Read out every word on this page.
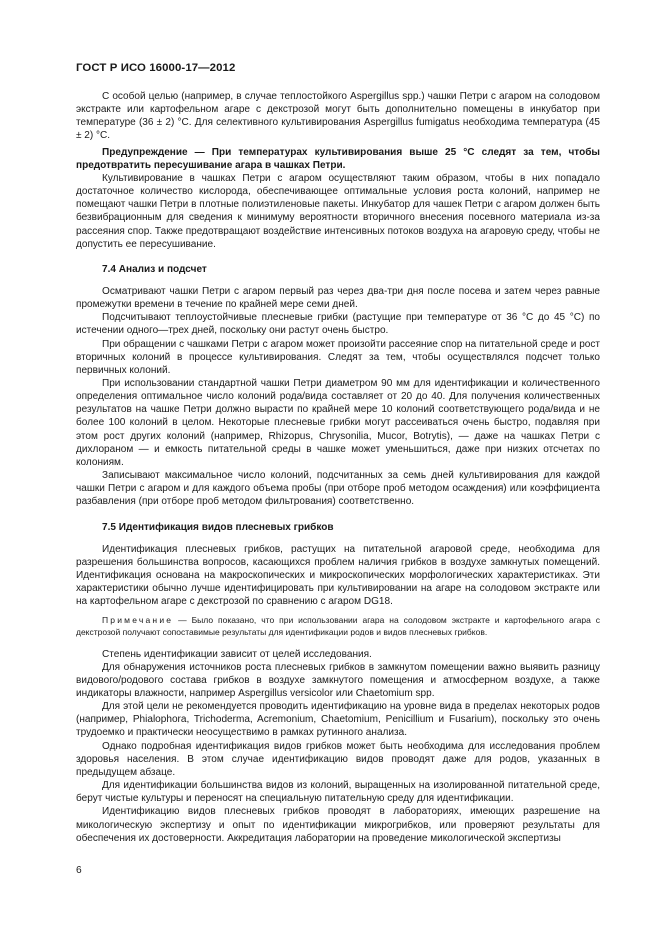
ГОСТ Р ИСО 16000-17—2012

С особой целью (например, в случае теплостойкого Aspergillus spp.) чашки Петри с агаром на солодовом экстракте или картофельном агаре с декстрозой могут быть дополнительно помещены в инкубатор при температуре (36 ± 2) °С. Для селективного культивирования Aspergillus fumigatus необходима температура (45 ± 2) °С.

Предупреждение — При температурах культивирования выше 25 °С следят за тем, чтобы предотвратить пересушивание агара в чашках Петри.

Культивирование в чашках Петри с агаром осуществляют таким образом, чтобы в них попадало достаточное количество кислорода, обеспечивающее оптимальные условия роста колоний, например не помещают чашки Петри в плотные полиэтиленовые пакеты. Инкубатор для чашек Петри с агаром должен быть безвибрационным для сведения к минимуму вероятности вторичного внесения посевного материала из-за рассеяния спор. Также предотвращают воздействие интенсивных потоков воздуха на агаровую среду, чтобы не допустить ее пересушивание.

7.4 Анализ и подсчет

Осматривают чашки Петри с агаром первый раз через два-три дня после посева и затем через равные промежутки времени в течение по крайней мере семи дней.

Подсчитывают теплоустойчивые плесневые грибки (растущие при температуре от 36 °С до 45 °С) по истечении одного—трех дней, поскольку они растут очень быстро.

При обращении с чашками Петри с агаром может произойти рассеяние спор на питательной среде и рост вторичных колоний в процессе культивирования. Следят за тем, чтобы осуществлялся подсчет только первичных колоний.

При использовании стандартной чашки Петри диаметром 90 мм для идентификации и количественного определения оптимальное число колоний рода/вида составляет от 20 до 40. Для получения количественных результатов на чашке Петри должно вырасти по крайней мере 10 колоний соответствующего рода/вида и не более 100 колоний в целом. Некоторые плесневые грибки могут рассеиваться очень быстро, подавляя при этом рост других колоний (например, Rhizopus, Chrysonilia, Mucor, Botrytis), — даже на чашках Петри с дихлораном — и емкость питательной среды в чашке может уменьшиться, даже при низких отсчетах по колониям.

Записывают максимальное число колоний, подсчитанных за семь дней культивирования для каждой чашки Петри с агаром и для каждого объема пробы (при отборе проб методом осаждения) или коэффициента разбавления (при отборе проб методом фильтрования) соответственно.

7.5 Идентификация видов плесневых грибков

Идентификация плесневых грибков, растущих на питательной агаровой среде, необходима для разрешения большинства вопросов, касающихся проблем наличия грибков в воздухе замкнутых помещений. Идентификация основана на макроскопических и микроскопических морфологических характеристиках. Эти характеристики обычно лучше идентифицировать при культивировании на агаре на солодовом экстракте или на картофельном агаре с декстрозой по сравнению с агаром DG18.

Примечание — Было показано, что при использовании агара на солодовом экстракте и картофельного агара с декстрозой получают сопоставимые результаты для идентификации родов и видов плесневых грибков.

Степень идентификации зависит от целей исследования.

Для обнаружения источников роста плесневых грибков в замкнутом помещении важно выявить разницу видового/родового состава грибков в воздухе замкнутого помещения и атмосферном воздухе, а также индикаторы влажности, например Aspergillus versicolor или Chaetomium spp.

Для этой цели не рекомендуется проводить идентификацию на уровне вида в пределах некоторых родов (например, Phialophora, Trichoderma, Acremonium, Chaetomium, Penicillium и Fusarium), поскольку это очень трудоемко и практически неосуществимо в рамках рутинного анализа.

Однако подробная идентификация видов грибков может быть необходима для исследования проблем здоровья населения. В этом случае идентификацию видов проводят даже для родов, указанных в предыдущем абзаце.

Для идентификации большинства видов из колоний, выращенных на изолированной питательной среде, берут чистые культуры и переносят на специальную питательную среду для идентификации.

Идентификацию видов плесневых грибков проводят в лабораториях, имеющих разрешение на микологическую экспертизу и опыт по идентификации микрогрибков, или проверяют результаты для обеспечения их достоверности. Аккредитация лаборатории на проведение микологической экспертизы

6
